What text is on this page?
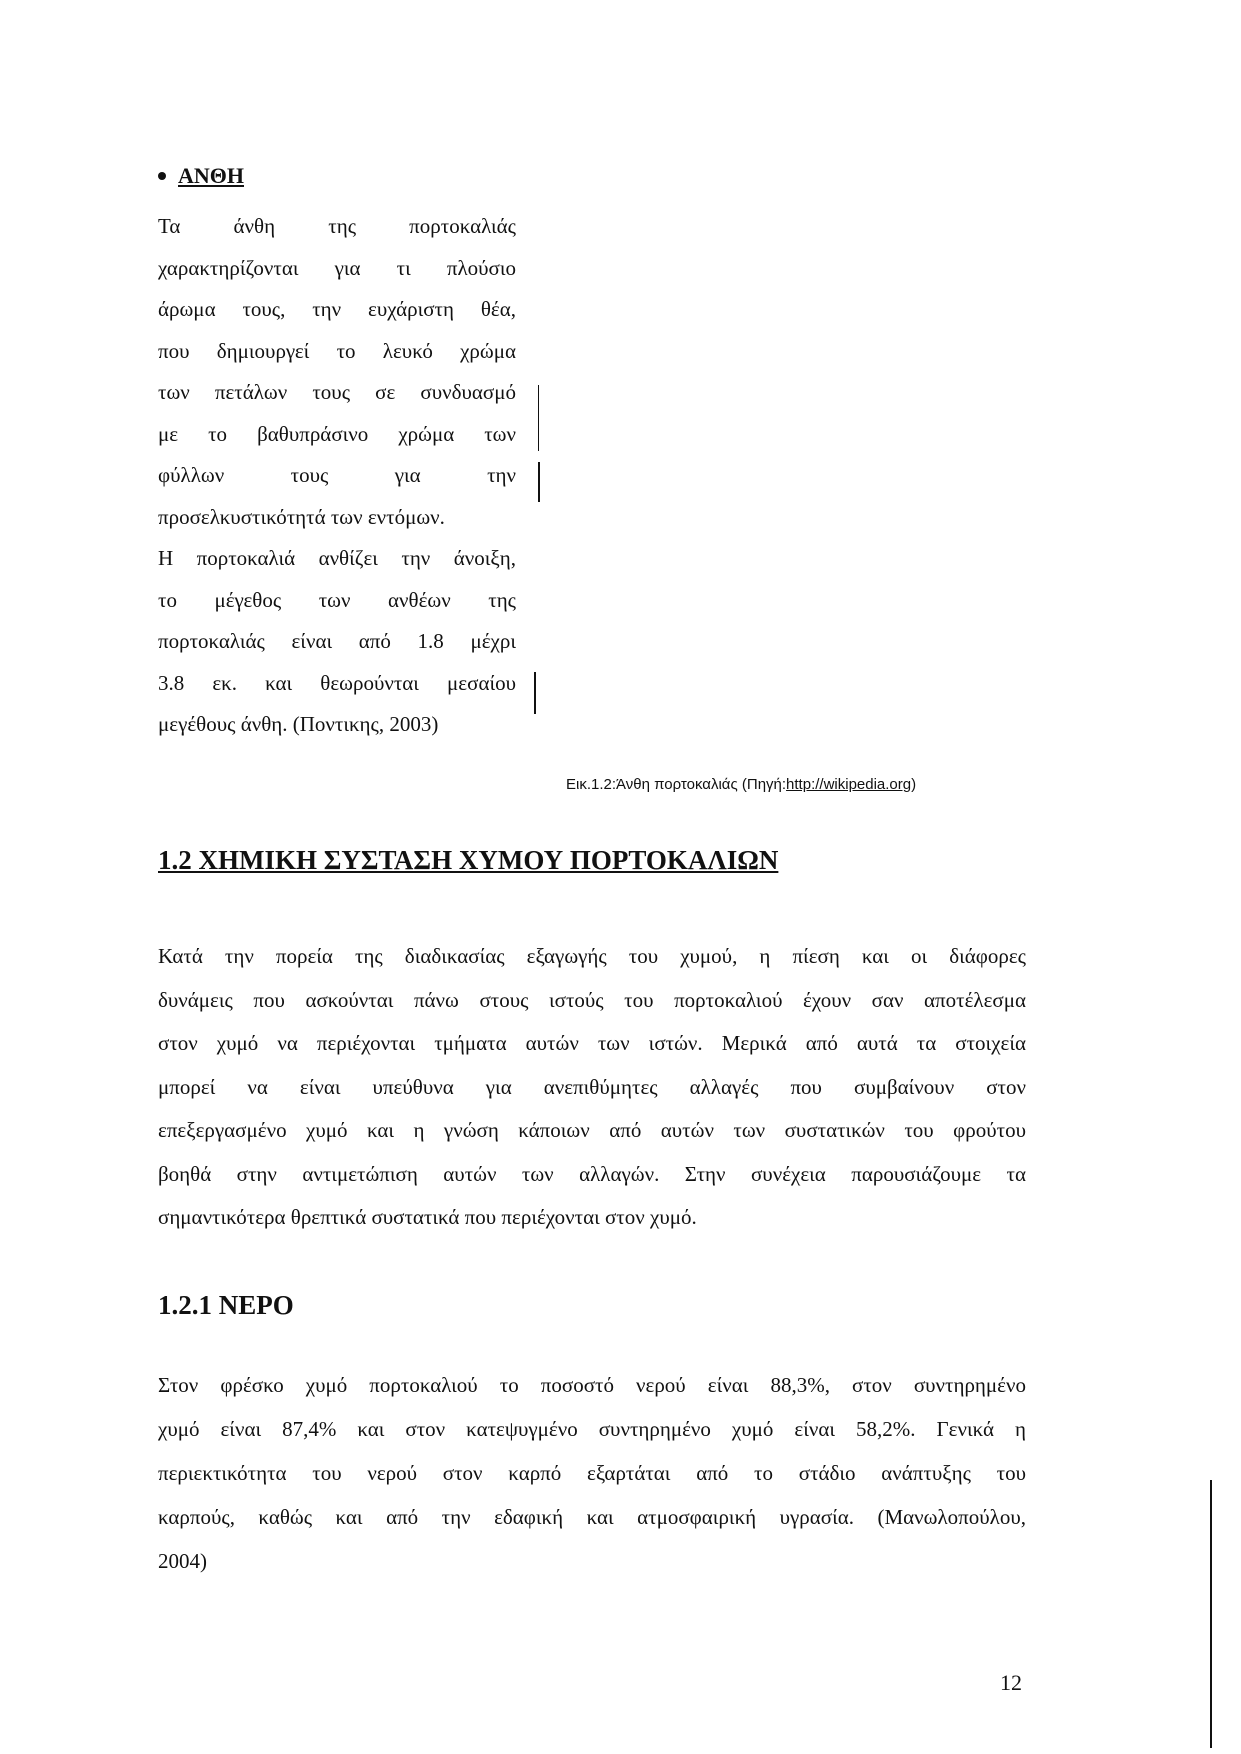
ΑΝΘΗ
Τα άνθη της πορτοκαλιάς
χαρακτηρίζονται για τι πλούσιο
άρωμα τους, την ευχάριστη θέα,
που δημιουργεί το λευκό χρώμα
των πετάλων τους σε συνδυασμό
με το βαθυπράσινο χρώμα των
φύλλων τους για την
προσελκυστικότητά των εντόμων.
Η πορτοκαλιά ανθίζει την άνοιξη,
το μέγεθος των ανθέων της
πορτοκαλιάς είναι από 1.8 μέχρι
3.8 εκ. και θεωρούνται μεσαίου
μεγέθους άνθη. (Ποντικης, 2003)
Εικ.1.2:Άνθη πορτοκαλιάς (Πηγή:http://wikipedia.org)
1.2 ΧΗΜΙΚΗ ΣΥΣΤΑΣΗ ΧΥΜΟΥ ΠΟΡΤΟΚΑΛΙΩΝ
Κατά την πορεία της διαδικασίας εξαγωγής του χυμού, η πίεση και οι διάφορες
δυνάμεις που ασκούνται πάνω στους ιστούς του πορτοκαλιού έχουν σαν αποτέλεσμα
στον χυμό να περιέχονται τμήματα αυτών των ιστών. Μερικά από αυτά τα στοιχεία
μπορεί να είναι υπεύθυνα για ανεπιθύμητες αλλαγές που συμβαίνουν στον
επεξεργασμένο χυμό και η γνώση κάποιων από αυτών των συστατικών του φρούτου
βοηθά στην αντιμετώπιση αυτών των αλλαγών. Στην συνέχεια παρουσιάζουμε τα
σημαντικότερα θρεπτικά συστατικά που περιέχονται στον χυμό.
1.2.1 ΝΕΡΟ
Στον φρέσκο χυμό πορτοκαλιού το ποσοστό νερού είναι 88,3%, στον συντηρημένο
χυμό είναι 87,4% και στον κατεψυγμένο συντηρημένο χυμό είναι 58,2%. Γενικά η
περιεκτικότητα του νερού στον καρπό εξαρτάται από το στάδιο ανάπτυξης του
καρπούς, καθώς και από την εδαφική και ατμοσφαιρική υγρασία. (Μανωλοπούλου,
2004)
12
